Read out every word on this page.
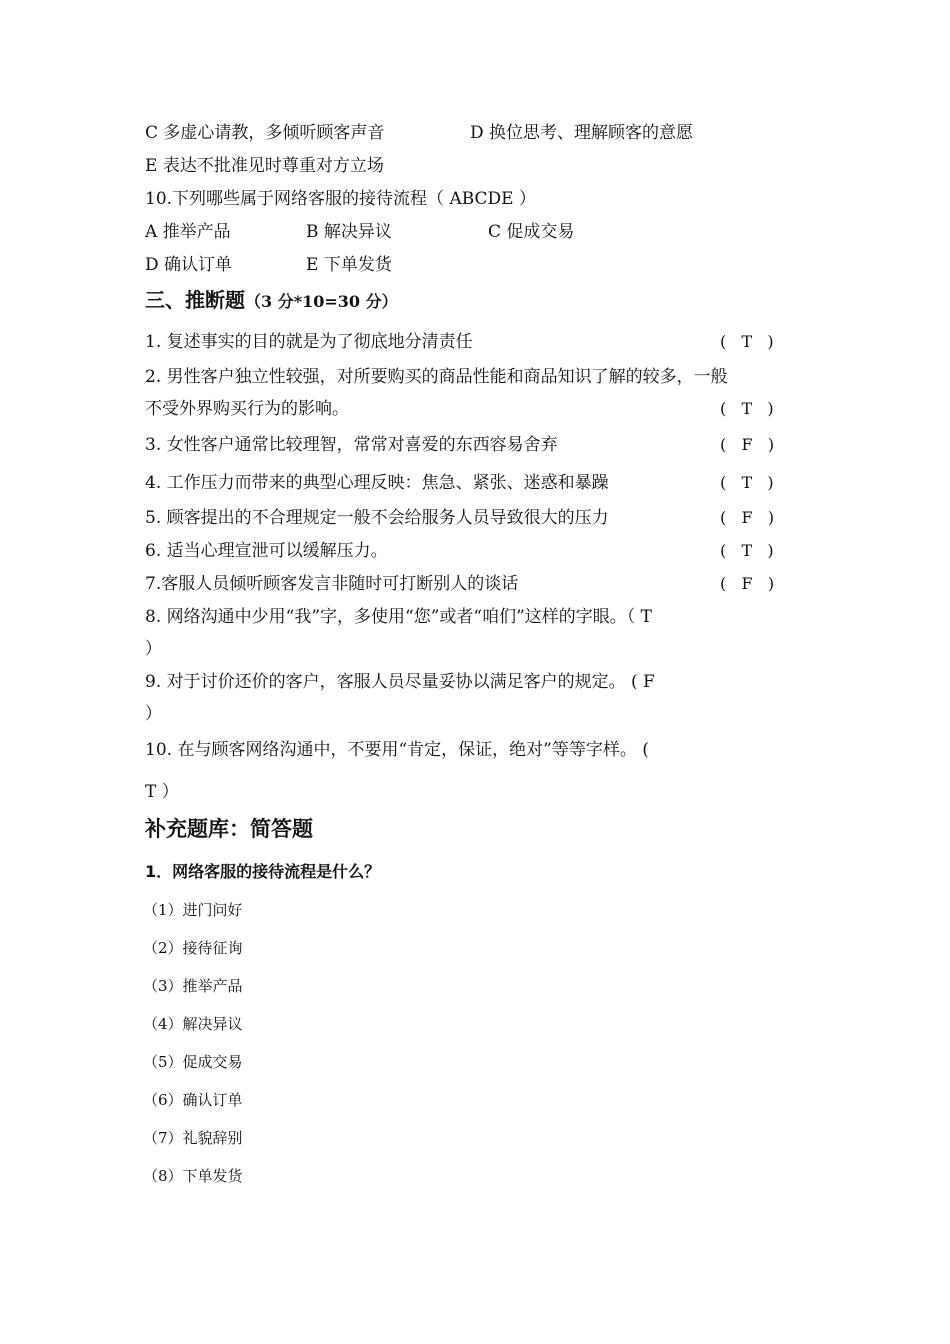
C 多虚心请教，多倾听顾客声音	D 换位思考、理解顾客的意愿
E 表达不批准见时尊重对方立场
10.下列哪些属于网络客服的接待流程（ ABCDE ）
A 推举产品	B 解决异议	C 促成交易
D 确认订单	E 下单发货
三、推断题（3 分*10=30 分）
1. 复述事实的目的就是为了彻底地分清责任	(   T   )
2. 男性客户独立性较强，对所要购买的商品性能和商品知识了解的较多，一般
不受外界购买行为的影响。	(   T   )
3. 女性客户通常比较理智，常常对喜爱的东西容易舍弃	(   F   )
4. 工作压力而带来的典型心理反映：焦急、紧张、迷惑和暴躁	(   T   )
5. 顾客提出的不合理规定一般不会给服务人员导致很大的压力	(   F   )
6. 适当心理宣泄可以缓解压力。	(   T   )
7.客服人员倾听顾客发言非随时可打断别人的谈话	(   F   )
8. 网络沟通中少用“我”字，多使用“您”或者“咱们”这样的字眼。（ T
）
9. 对于讨价还价的客户，客服人员尽量妥协以满足客户的规定。 ( F
）
10. 在与顾客网络沟通中，不要用“肯定，保证，绝对”等等字样。 (
T ）
补充题库：简答题
1．网络客服的接待流程是什么？
（1）进门问好
（2）接待征询
（3）推举产品
（4）解决异议
（5）促成交易
（6）确认订单
（7）礼貌辞别
（8）下单发货
